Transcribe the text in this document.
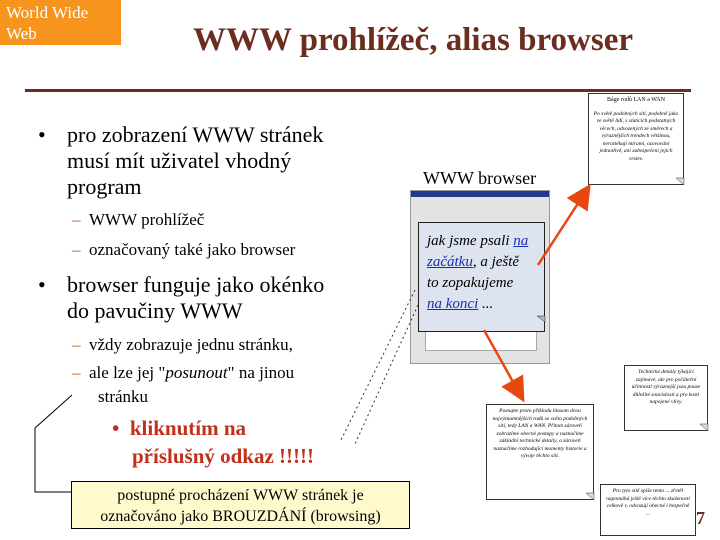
World Wide
Web	WWW prohlížeč, alias browser
• pro zobrazení WWW stránek
musí mít uživatel vhodný
program
– WWW prohlížeč
– označovaný také jako browser
• browser funguje jako okénko
do pavučiny WWW
– vždy zobrazuje jednu stránku,
– ale lze jej "posunout" na jinou
stránku
•  kliknutím na
příslušný odkaz !!!!!
WWW browser
jak jsme psali na začátku, a ještě
to zopakujeme
na konci ...
Báge rodů LAN a WAN
Po světě podobných sítí, podobně jako ve světě lidí, s sluticích podstatných věcech, odvozených ze směrech a výraznějších trendech většinou, neroztékají mírami, ozovování jednotlivě, ani zabezpečení jejich vrstev.
Technické detaily týkající zajímavé, ale pro počáteční účinnosti výraznejší jsou pouze důležité souvislosti a pro kosti napojené vlivy.
Postupte proto příkladu hlasom dvou najvýznamnějších rodů se světa podobných sítí, tedy LAN a WAN. Přitom zároveň zobrazíme obecné postupy a naznačíme základní technické detaily, a zároveň naznačíme rozhodující momenty historie a vývoje těchto sítí.
Pro tyto sítě spíše tento ... zřetěl napomáhá ještě více těchto zkušeností celkově v, odvozují obecné i bezpečně ...
postupné procházení WWW stránek je
označováno jako BROUZDÁNÍ (browsing)	7
